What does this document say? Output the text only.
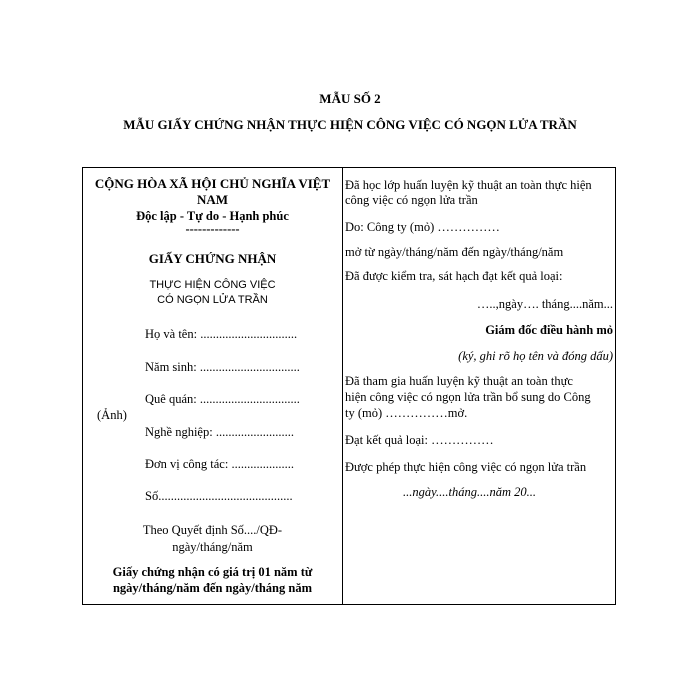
MẪU SỐ 2
MẪU GIẤY CHỨNG NHẬN THỰC HIỆN CÔNG VIỆC CÓ NGỌN LỬA TRẦN
CỘNG HÒA XÃ HỘI CHỦ NGHĨA VIỆT
NAM
Độc lập - Tự do - Hạnh phúc
-------------
GIẤY CHỨNG NHẬN
THỰC HIỆN CÔNG VIỆC
CÓ NGỌN LỬA TRẦN
(Ảnh)
Họ và tên: ...............................
Năm sinh: ................................
Quê quán: ................................
Nghề nghiệp: .........................
Đơn vị công tác: ....................
Số...........................................
Theo Quyết định Số..../QĐ-
ngày/tháng/năm
Giấy chứng nhận có giá trị 01 năm từ
ngày/tháng/năm đến ngày/tháng năm
Đã học lớp huấn luyện kỹ thuật an toàn thực hiện
công việc có ngọn lửa trần
Do: Công ty (mỏ) ……………
mở từ ngày/tháng/năm đến ngày/tháng/năm
Đã được kiểm tra, sát hạch đạt kết quả loại:
…..,ngày…. tháng....năm...
Giám đốc điều hành mỏ
(ký, ghi rõ họ tên và đóng dấu)
Đã tham gia huấn luyện kỹ thuật an toàn thực
hiện công việc có ngọn lửa trần bổ sung do Công
ty (mỏ) ……………mở.
Đạt kết quả loại: ……………
Được phép thực hiện công việc có ngọn lửa trần
...ngày....tháng....năm 20...
